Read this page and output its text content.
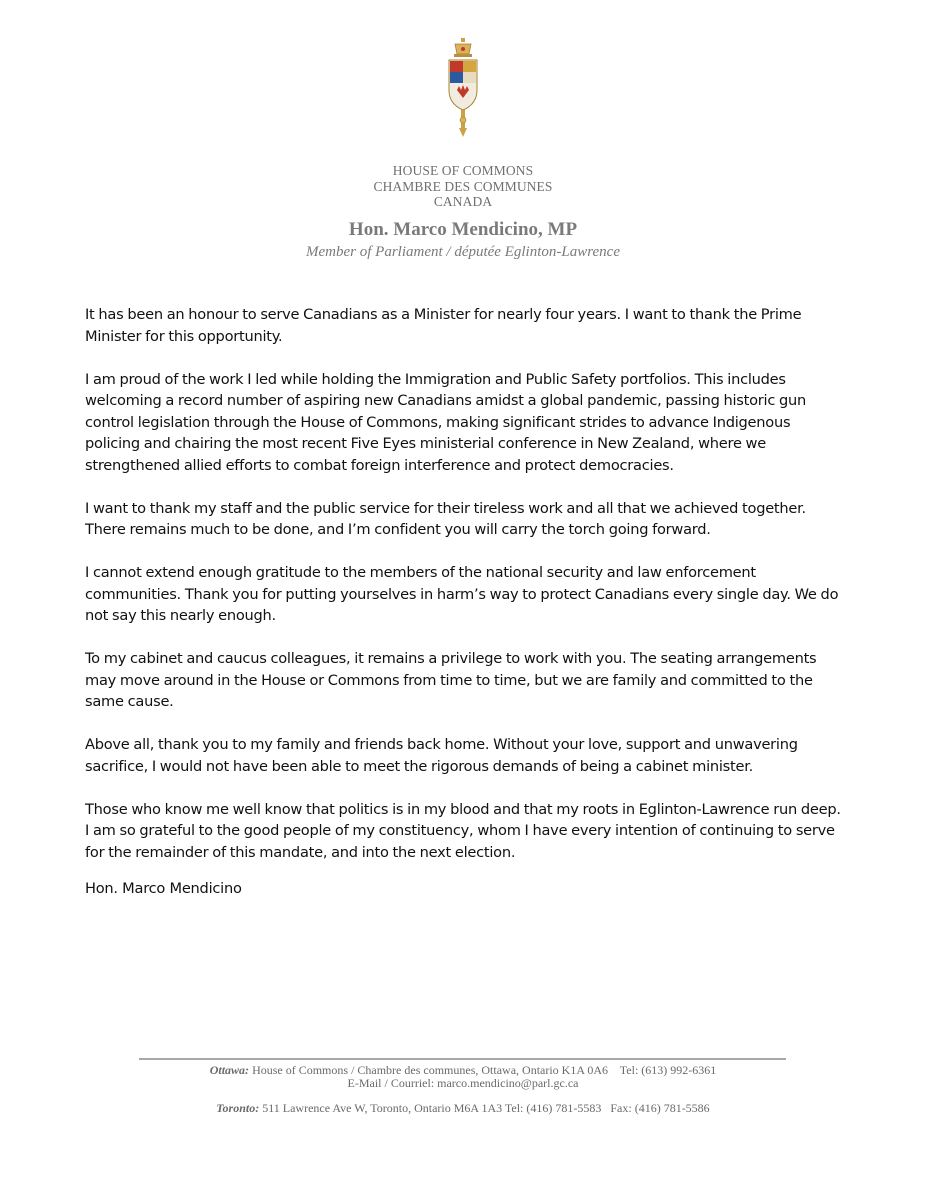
HOUSE OF COMMONS
CHAMBRE DES COMMUNES
CANADA
Hon. Marco Mendicino, MP
Member of Parliament / députée Eglinton-Lawrence

It has been an honour to serve Canadians as a Minister for nearly four years. I want to thank the Prime Minister for this opportunity.

I am proud of the work I led while holding the Immigration and Public Safety portfolios. This includes welcoming a record number of aspiring new Canadians amidst a global pandemic, passing historic gun control legislation through the House of Commons, making significant strides to advance Indigenous policing and chairing the most recent Five Eyes ministerial conference in New Zealand, where we strengthened allied efforts to combat foreign interference and protect democracies.

I want to thank my staff and the public service for their tireless work and all that we achieved together. There remains much to be done, and I’m confident you will carry the torch going forward.

I cannot extend enough gratitude to the members of the national security and law enforcement communities. Thank you for putting yourselves in harm’s way to protect Canadians every single day. We do not say this nearly enough.

To my cabinet and caucus colleagues, it remains a privilege to work with you. The seating arrangements may move around in the House or Commons from time to time, but we are family and committed to the same cause.

Above all, thank you to my family and friends back home. Without your love, support and unwavering sacrifice, I would not have been able to meet the rigorous demands of being a cabinet minister.

Those who know me well know that politics is in my blood and that my roots in Eglinton-Lawrence run deep. I am so grateful to the good people of my constituency, whom I have every intention of continuing to serve for the remainder of this mandate, and into the next election.

Hon. Marco Mendicino
Ottawa: House of Commons / Chambre des communes, Ottawa, Ontario K1A 0A6    Tel: (613) 992-6361
E-Mail / Courriel: marco.mendicino@parl.gc.ca
Toronto: 511 Lawrence Ave W, Toronto, Ontario M6A 1A3 Tel: (416) 781-5583   Fax: (416) 781-5586
